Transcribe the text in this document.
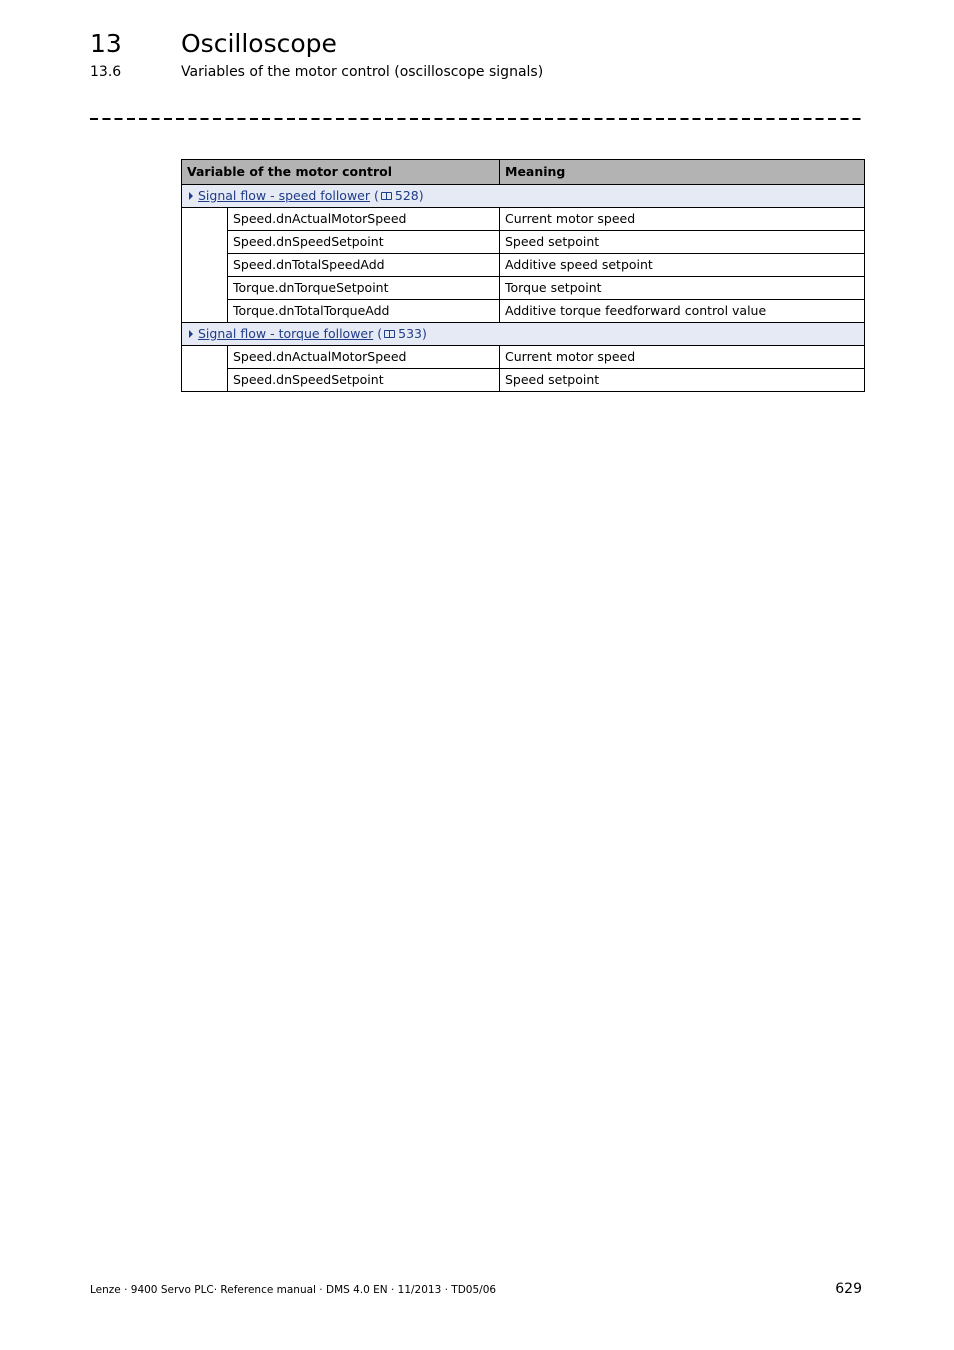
13 Oscilloscope
13.6	Variables of the motor control (oscilloscope signals)
Variable of the motor control		Meaning
Signal flow - speed follower ( 528)		
	Speed.dnActualMotorSpeed	Current motor speed
	Speed.dnSpeedSetpoint	Speed setpoint
	Speed.dnTotalSpeedAdd	Additive speed setpoint
	Torque.dnTorqueSetpoint	Torque setpoint
	Torque.dnTotalTorqueAdd	Additive torque feedforward control value
Signal flow - torque follower ( 533)		
	Speed.dnActualMotorSpeed	Current motor speed
	Speed.dnSpeedSetpoint	Speed setpoint
Lenze · 9400 Servo PLC· Reference manual · DMS 4.0 EN · 11/2013 · TD05/06	629
